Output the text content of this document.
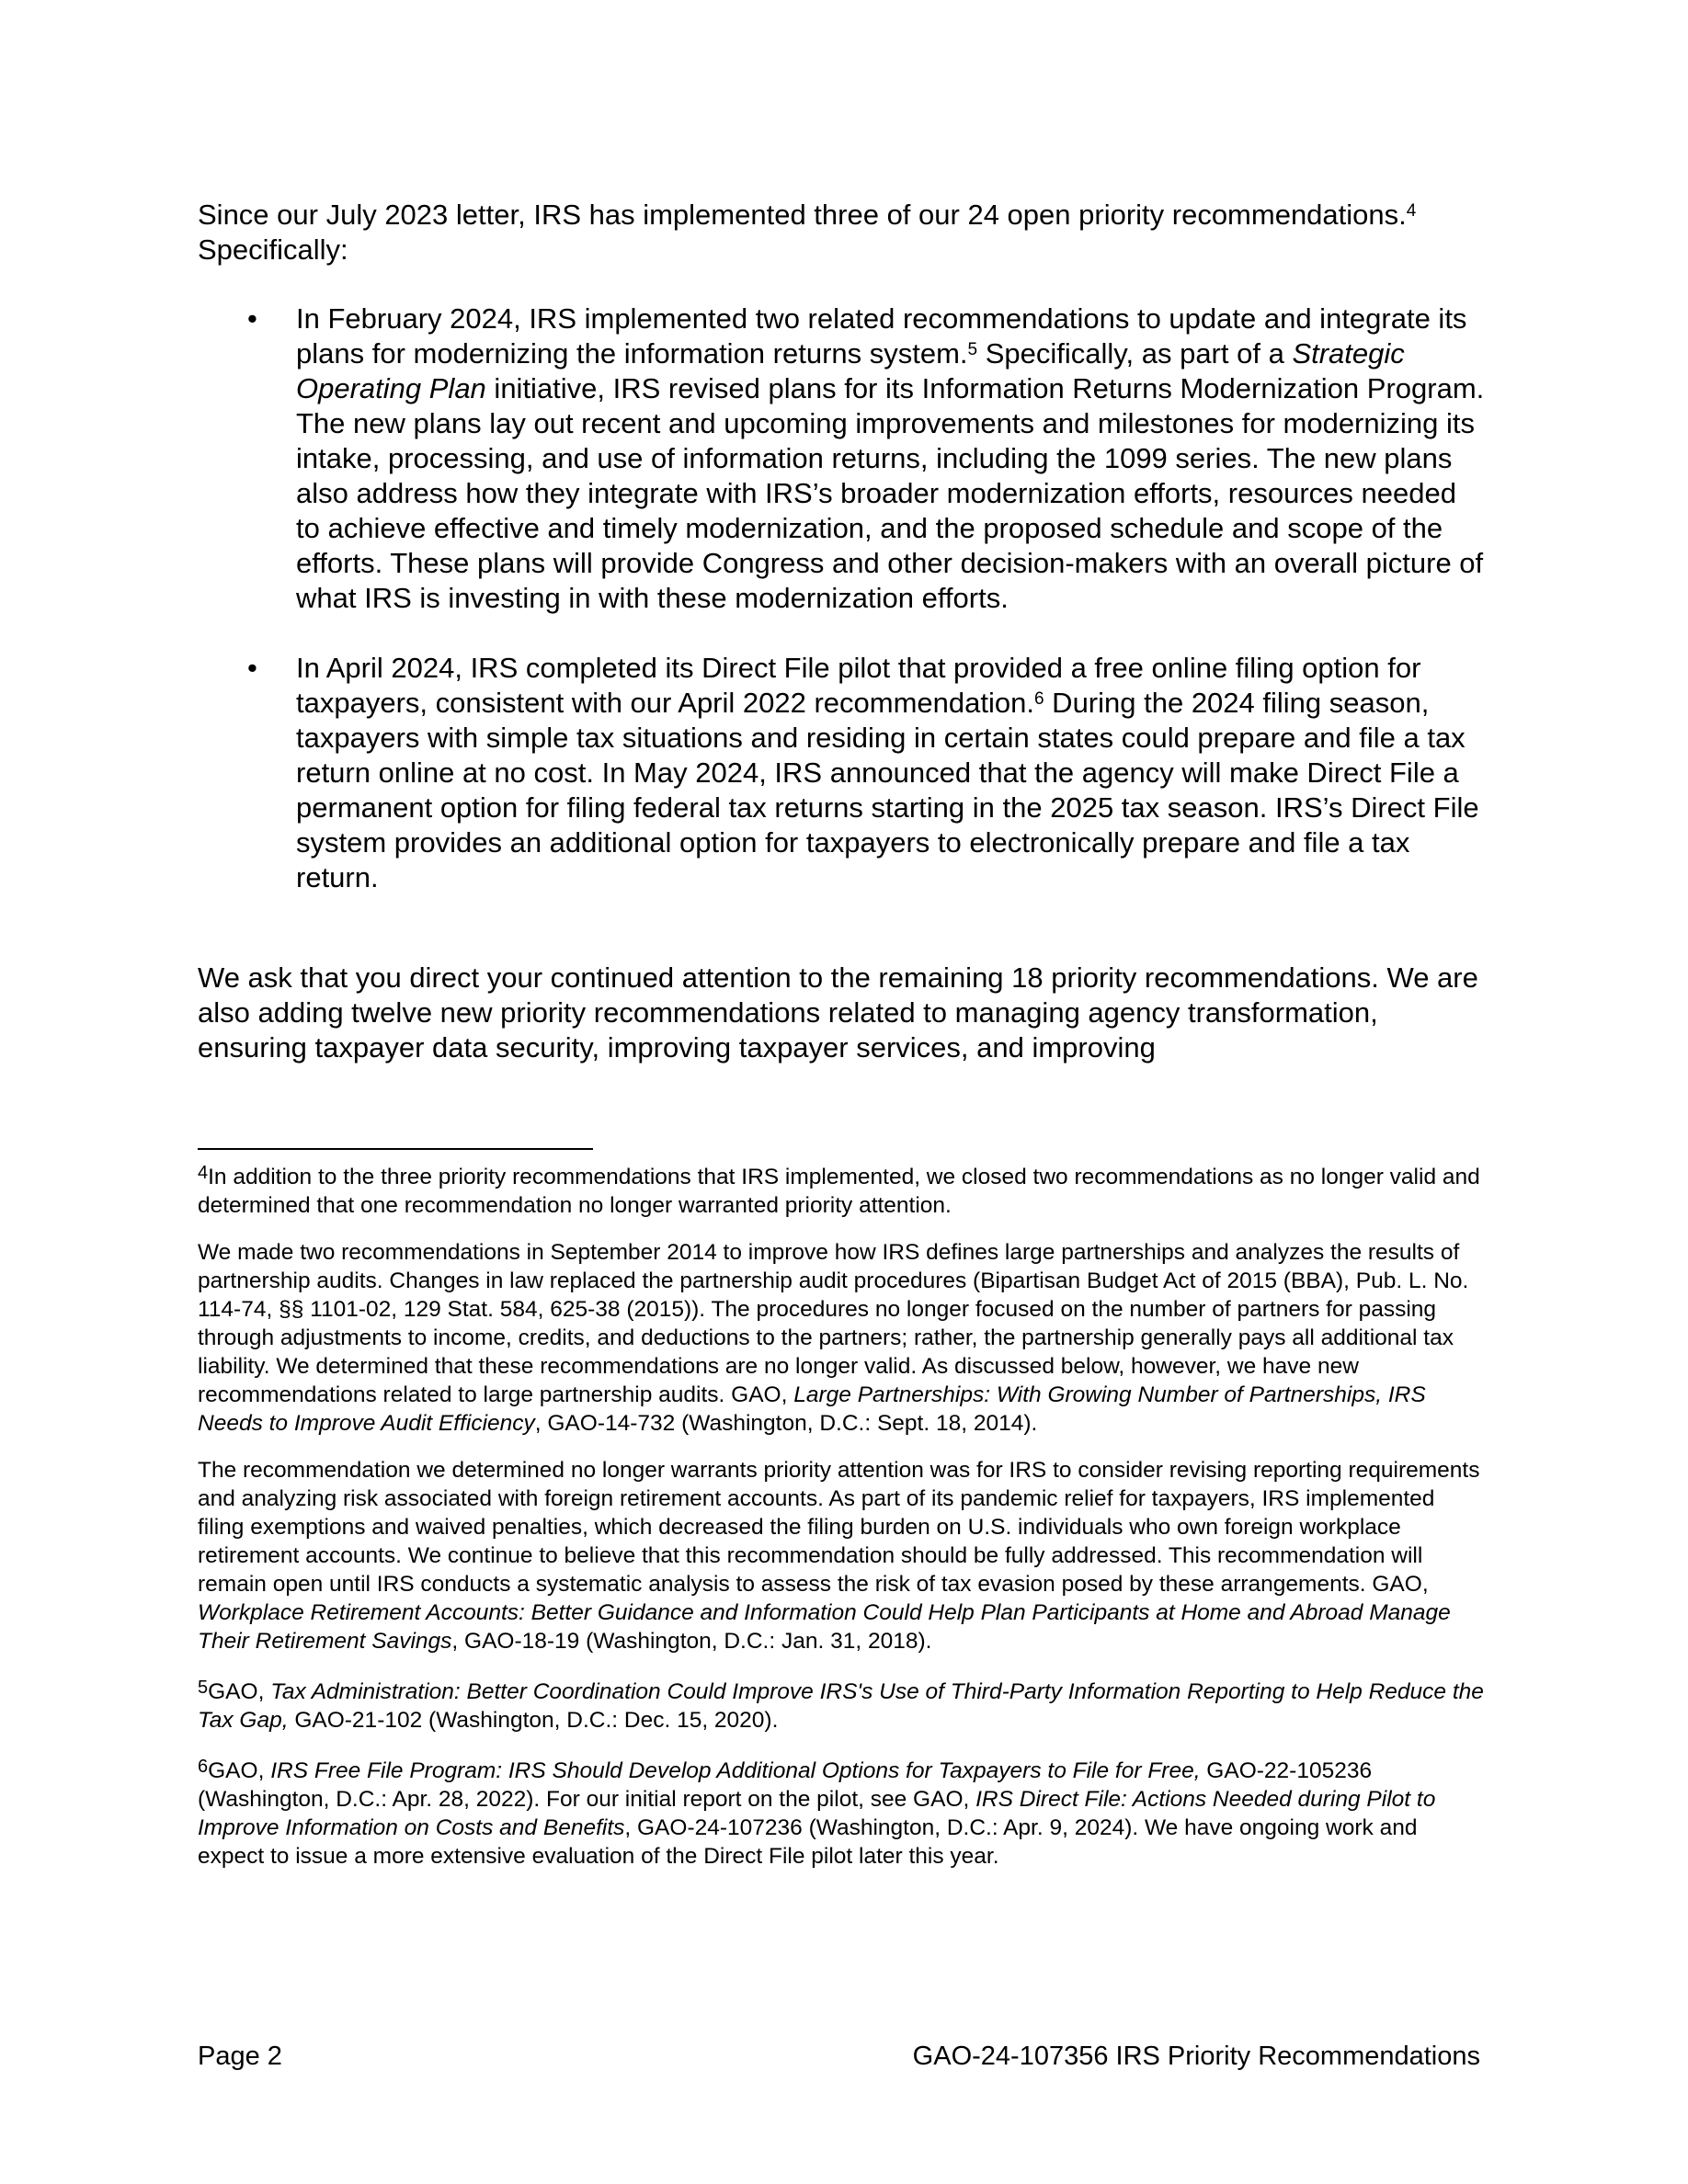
Since our July 2023 letter, IRS has implemented three of our 24 open priority recommendations.$^4$ Specifically:

• In February 2024, IRS implemented two related recommendations to update and integrate its plans for modernizing the information returns system.$^5$ Specifically, as part of a Strategic Operating Plan initiative, IRS revised plans for its Information Returns Modernization Program. The new plans lay out recent and upcoming improvements and milestones for modernizing its intake, processing, and use of information returns, including the 1099 series. The new plans also address how they integrate with IRS’s broader modernization efforts, resources needed to achieve effective and timely modernization, and the proposed schedule and scope of the efforts. These plans will provide Congress and other decision-makers with an overall picture of what IRS is investing in with these modernization efforts.
• In April 2024, IRS completed its Direct File pilot that provided a free online filing option for taxpayers, consistent with our April 2022 recommendation.$^6$ During the 2024 filing season, taxpayers with simple tax situations and residing in certain states could prepare and file a tax return online at no cost. In May 2024, IRS announced that the agency will make Direct File a permanent option for filing federal tax returns starting in the 2025 tax season. IRS’s Direct File system provides an additional option for taxpayers to electronically prepare and file a tax return.

We ask that you direct your continued attention to the remaining 18 priority recommendations. We are also adding twelve new priority recommendations related to managing agency transformation, ensuring taxpayer data security, improving taxpayer services, and improving

$^4$In addition to the three priority recommendations that IRS implemented, we closed two recommendations as no longer valid and determined that one recommendation no longer warranted priority attention.

We made two recommendations in September 2014 to improve how IRS defines large partnerships and analyzes the results of partnership audits. Changes in law replaced the partnership audit procedures (Bipartisan Budget Act of 2015 (BBA), Pub. L. No. 114-74, §§ 1101-02, 129 Stat. 584, 625-38 (2015)). The procedures no longer focused on the number of partners for passing through adjustments to income, credits, and deductions to the partners; rather, the partnership generally pays all additional tax liability. We determined that these recommendations are no longer valid. As discussed below, however, we have new recommendations related to large partnership audits. GAO, Large Partnerships: With Growing Number of Partnerships, IRS Needs to Improve Audit Efficiency, GAO-14-732 (Washington, D.C.: Sept. 18, 2014).

The recommendation we determined no longer warrants priority attention was for IRS to consider revising reporting requirements and analyzing risk associated with foreign retirement accounts. As part of its pandemic relief for taxpayers, IRS implemented filing exemptions and waived penalties, which decreased the filing burden on U.S. individuals who own foreign workplace retirement accounts. We continue to believe that this recommendation should be fully addressed. This recommendation will remain open until IRS conducts a systematic analysis to assess the risk of tax evasion posed by these arrangements. GAO, Workplace Retirement Accounts: Better Guidance and Information Could Help Plan Participants at Home and Abroad Manage Their Retirement Savings, GAO-18-19 (Washington, D.C.: Jan. 31, 2018).

$^5$GAO, Tax Administration: Better Coordination Could Improve IRS's Use of Third-Party Information Reporting to Help Reduce the Tax Gap, GAO-21-102 (Washington, D.C.: Dec. 15, 2020).

$^6$GAO, IRS Free File Program: IRS Should Develop Additional Options for Taxpayers to File for Free, GAO-22-105236 (Washington, D.C.: Apr. 28, 2022). For our initial report on the pilot, see GAO, IRS Direct File: Actions Needed during Pilot to Improve Information on Costs and Benefits, GAO-24-107236 (Washington, D.C.: Apr. 9, 2024). We have ongoing work and expect to issue a more extensive evaluation of the Direct File pilot later this year.

Page 2	GAO-24-107356 IRS Priority Recommendations
